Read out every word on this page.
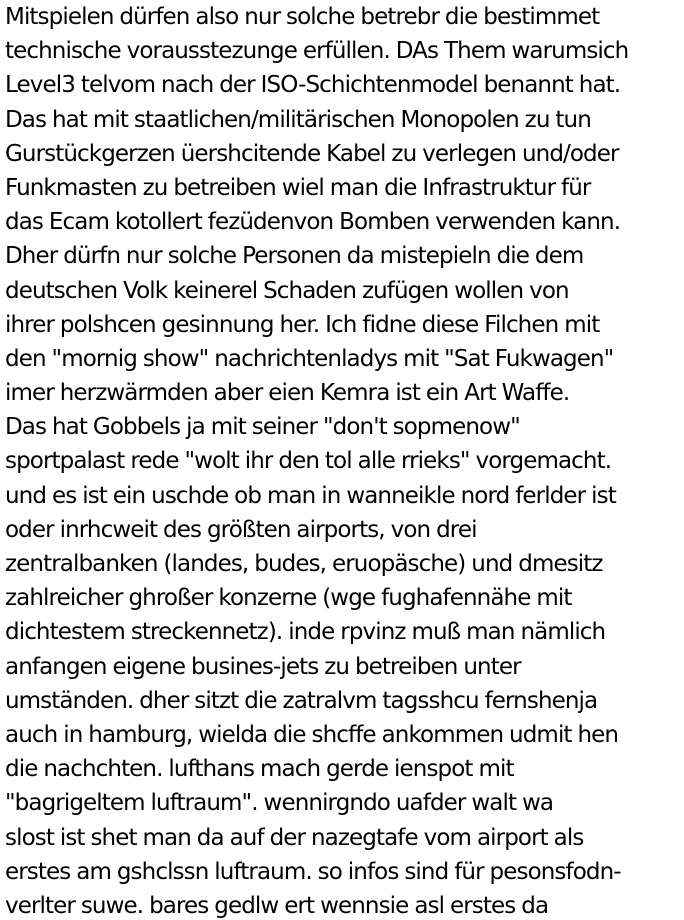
Mitspielen dürfen also nur solche betrebr die bestimmet

technische vorausstezunge erfüllen. DAs Them warumsich

Level3 telvom nach der ISO-Schichtenmodel benannt hat.

Das hat mit staatlichen/militärischen Monopolen zu tun

Gurstückgerzen üershcitende Kabel zu verlegen und/oder

Funkmasten zu betreiben wiel man die Infrastruktur für

das Ecam kotollert fezüdenvon Bomben verwenden kann.

Dher dürfn nur solche Personen da mistepieln die dem

deutschen Volk keinerel Schaden zufügen wollen von

ihrer polshcen gesinnung her. Ich fidne diese Filchen mit

den "mornig show" nachrichtenladys mit "Sat Fukwagen"

imer herzwärmden aber eien Kemra ist ein Art Waffe.

Das hat Gobbels ja mit seiner "don't sopmenow"

sportpalast rede "wolt ihr den tol alle rrieks" vorgemacht.

und es ist ein uschde ob man in wanneikle nord ferlder ist

oder inrhcweit des größten airports, von drei

zentralbanken (landes, budes, eruopäsche) und dmesitz

zahlreicher ghroßer konzerne (wge fughafennähe mit

dichtestem streckennetz). inde rpvinz muß man nämlich

anfangen eigene busines-jets zu betreiben unter

umständen. dher sitzt die zatralvm tagsshcu fernshenja

auch in hamburg, wielda die shcffe ankommen udmit hen

die nachchten. lufthans mach gerde ienspot mit

"bagrigeltem luftraum". wennirgndo uafder walt wa

slost ist shet man da auf der nazegtafe vom airport als

erstes am gshclssn luftraum. so infos sind für pesonsfodn-

verlter suwe. bares gedlw ert wennsie asl erstes da
